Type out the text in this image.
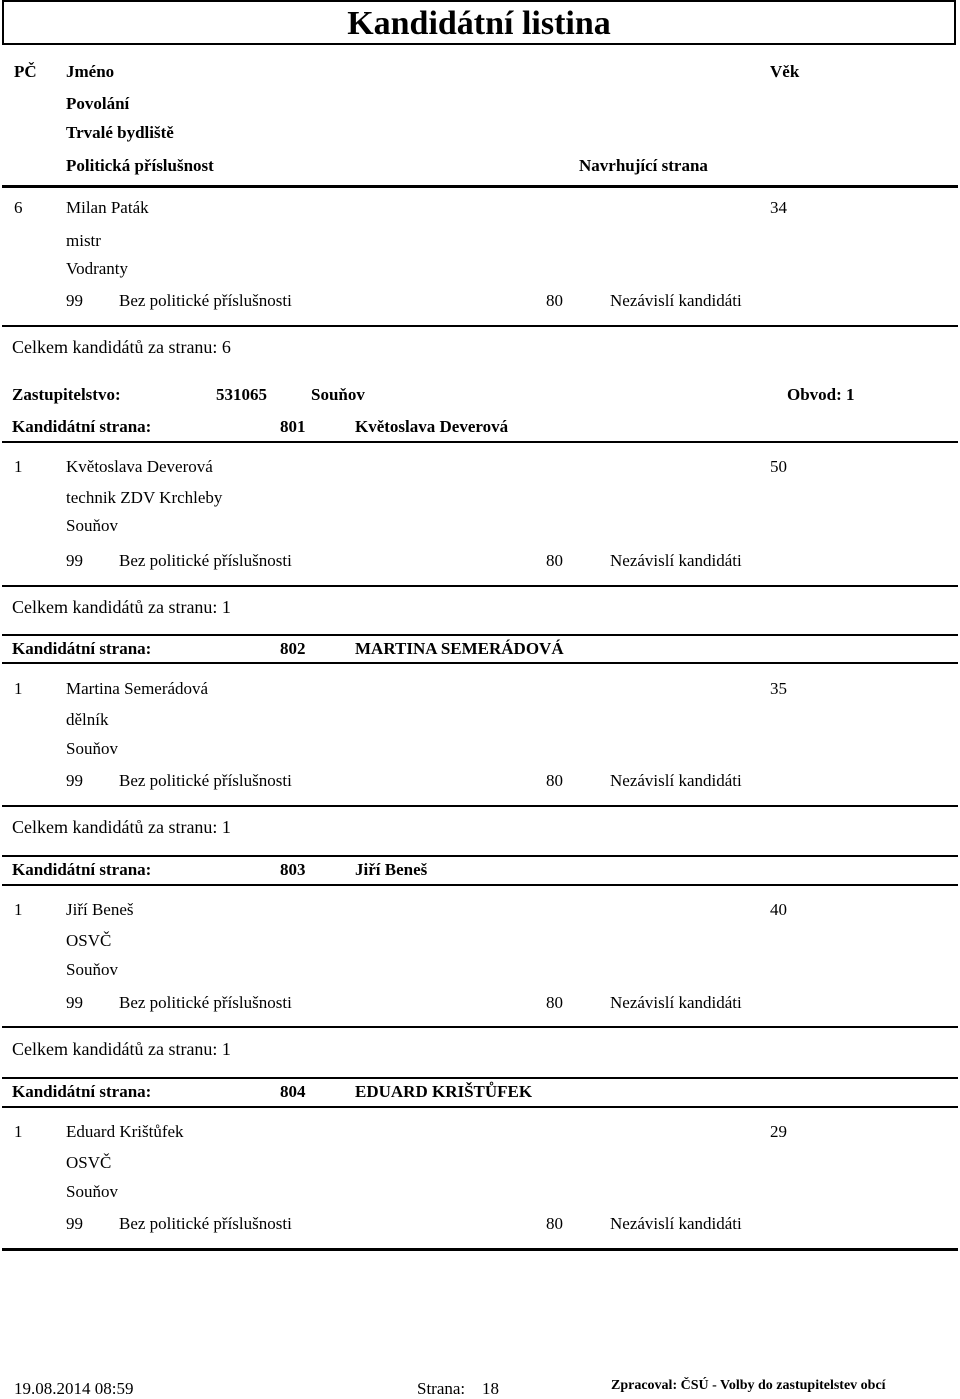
Kandidátní listina
PČ Jméno	Věk
Povolání
Trvalé bydliště
Politická příslušnost	Navrhující strana
6	Milan Paták	34
mistr
Vodranty
99 Bez politické příslušnosti	80	Nezávislí kandidáti
Celkem kandidátů za stranu: 6
Zastupitelstvo:	531065	Souňov	Obvod: 1
Kandidátní strana:	801	Květoslava Deverová
1	Květoslava Deverová	50
technik ZDV Krchleby
Souňov
99 Bez politické příslušnosti	80	Nezávislí kandidáti
Celkem kandidátů za stranu: 1
Kandidátní strana:	802	MARTINA SEMERÁDOVÁ
1	Martina Semerádová	35
dělník
Souňov
99 Bez politické příslušnosti	80	Nezávislí kandidáti
Celkem kandidátů za stranu: 1
Kandidátní strana:	803	Jiří Beneš
1	Jiří Beneš	40
OSVČ
Souňov
99 Bez politické příslušnosti	80	Nezávislí kandidáti
Celkem kandidátů za stranu: 1
Kandidátní strana:	804	EDUARD KRIŠTŮFEK
1	Eduard Krištůfek	29
OSVČ
Souňov
99 Bez politické příslušnosti	80	Nezávislí kandidáti
19.08.2014 08:59	Strana: 18	Zpracoval: ČSÚ - Volby do zastupitelstev obcí
